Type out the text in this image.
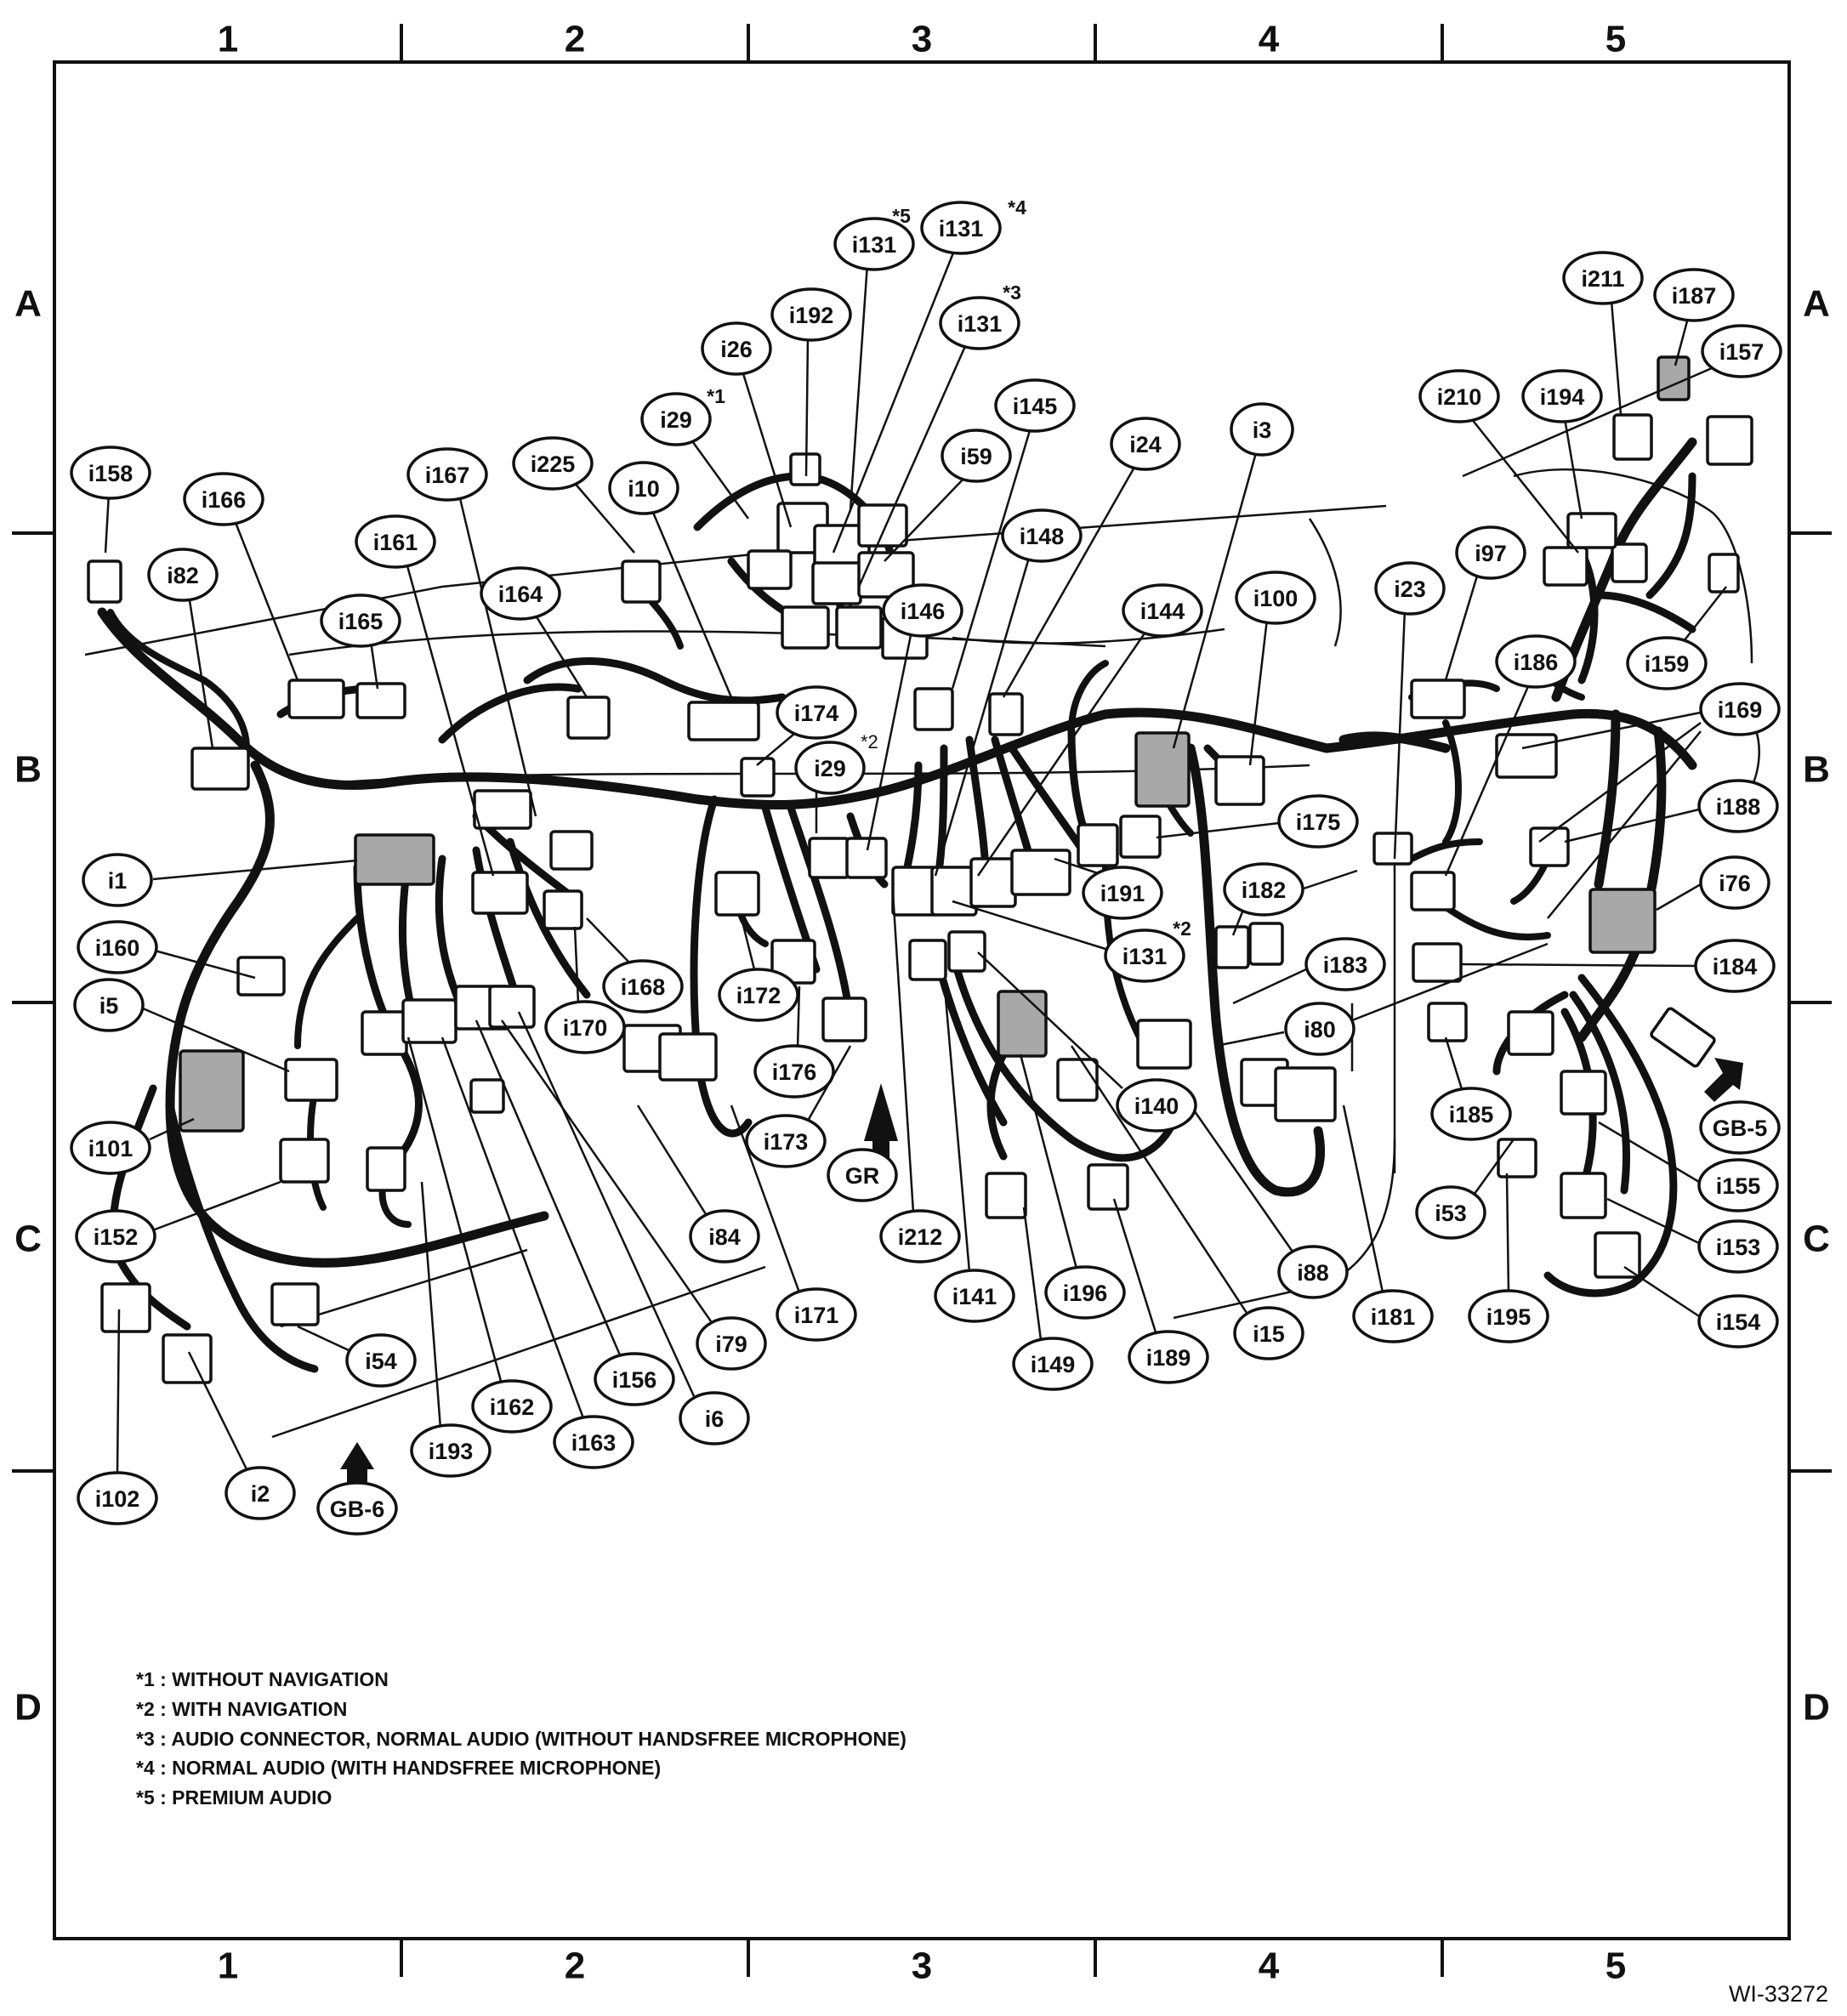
1	2	3	4	5
1	2	3	4	5
A
B
C
D
A
B
C
D
i131
*5 i131
*4
i131
*3
i192
i26
i29
*1	i145
i59	i24
i3
i225
i10
i167
i158
i166
i161
i82
i164
i165
i148
i146	i144	i100	i23
i97
i211
i187
i157
i210	i194
i186	i159
i169
i174
i29
i175
i188
i1	i191	i182	i76
i160	i131
*2
i183	i184
i5
i168	i172
i170	i80
i176
i140	i185
GB-5
i101	i173
GR	i155
i53
i152	i84	i212	i153
i88
i141	i196
i171	i181	i195	i154
i15
i79
i54	i149	i189
i156
i162	i6
i163
i193
i102	i2
GB-6
*2
*1 : WITHOUT NAVIGATION
*2 : WITH NAVIGATION
*3 : AUDIO CONNECTOR, NORMAL AUDIO (WITHOUT HANDSFREE MICROPHONE)
*4 : NORMAL AUDIO (WITH HANDSFREE MICROPHONE)
*5 : PREMIUM AUDIO
WI-33272
